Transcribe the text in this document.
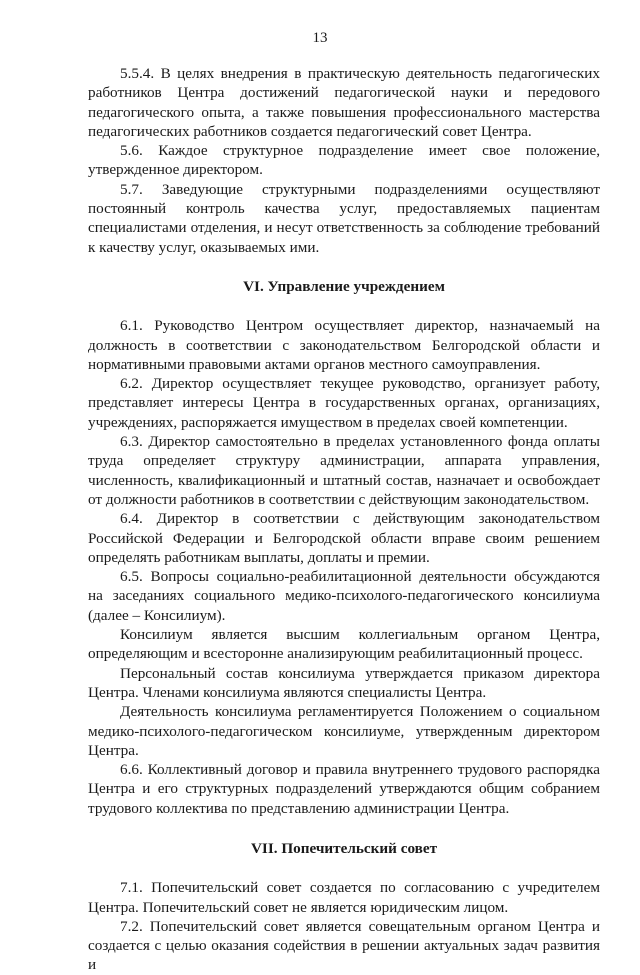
13

5.5.4. В целях внедрения в практическую деятельность педагогических работников Центра достижений педагогической науки и передового педагогического опыта, а также повышения профессионального мастерства педагогических работников создается педагогический совет Центра.

5.6. Каждое структурное подразделение имеет свое положение, утвержденное директором.

5.7. Заведующие структурными подразделениями осуществляют постоянный контроль качества услуг, предоставляемых пациентам специалистами отделения, и несут ответственность за соблюдение требований к качеству услуг, оказываемых ими.

VI. Управление учреждением

6.1. Руководство Центром осуществляет директор, назначаемый на должность в соответствии с законодательством Белгородской области и нормативными правовыми актами органов местного самоуправления.

6.2. Директор осуществляет текущее руководство, организует работу, представляет интересы Центра в государственных органах, организациях, учреждениях, распоряжается имуществом в пределах своей компетенции.

6.3. Директор самостоятельно в пределах установленного фонда оплаты труда определяет структуру администрации, аппарата управления, численность, квалификационный и штатный состав, назначает и освобождает от должности работников в соответствии с действующим законодательством.

6.4. Директор в соответствии с действующим законодательством Российской Федерации и Белгородской области вправе своим решением определять работникам выплаты, доплаты и премии.

6.5. Вопросы социально-реабилитационной деятельности обсуждаются на заседаниях социального медико-психолого-педагогического консилиума (далее – Консилиум).

Консилиум является высшим коллегиальным органом Центра, определяющим и всесторонне анализирующим реабилитационный процесс.

Персональный состав консилиума утверждается приказом директора Центра. Членами консилиума являются специалисты Центра.

Деятельность консилиума регламентируется Положением о социальном медико-психолого-педагогическом консилиуме, утвержденным директором Центра.

6.6. Коллективный договор и правила внутреннего трудового распорядка Центра и его структурных подразделений утверждаются общим собранием трудового коллектива по представлению администрации Центра.

VII. Попечительский совет

7.1. Попечительский совет создается по согласованию с учредителем Центра. Попечительский совет не является юридическим лицом.

7.2. Попечительский совет является совещательным органом Центра и создается с целью оказания содействия в решении актуальных задач развития и
